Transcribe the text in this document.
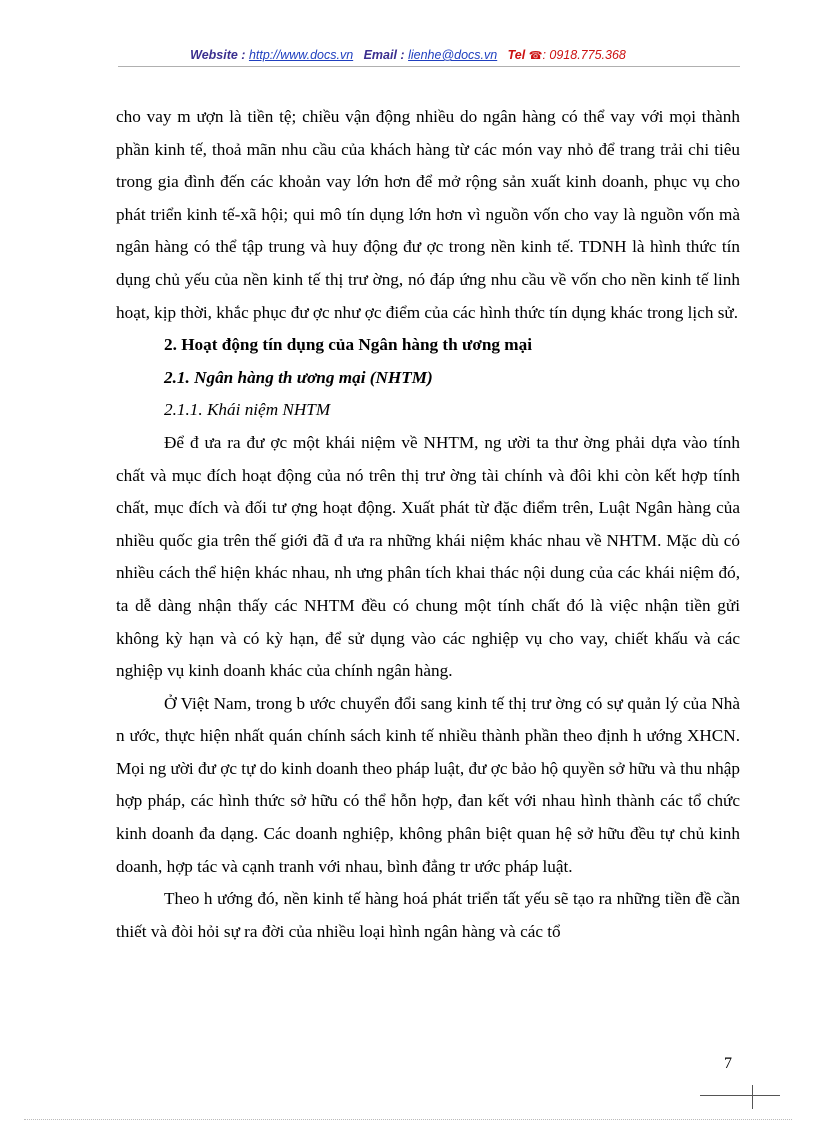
Website : http://www.docs.vn Email : lienhe@docs.vn Tel ☎: 0918.775.368

cho vay m ượn là tiền tệ; chiều vận động nhiều do ngân hàng có thể vay với mọi thành phần kinh tế, thoả mãn nhu cầu của khách hàng từ các món vay nhỏ để trang trải chi tiêu trong gia đình đến các khoản vay lớn hơn để mở rộng sản xuất kinh doanh, phục vụ cho phát triển kinh tế-xã hội; qui mô tín dụng lớn hơn vì nguồn vốn cho vay là nguồn vốn mà ngân hàng có thể tập trung và huy động đư ợc trong nền kinh tế. TDNH là hình thức tín dụng chủ yếu của nền kinh tế thị trư ờng, nó đáp ứng nhu cầu về vốn cho nền kinh tế linh hoạt, kịp thời, khắc phục đư ợc như ợc điểm của các hình thức tín dụng khác trong lịch sử.

2. Hoạt động tín dụng của Ngân hàng th ương mại

2.1. Ngân hàng th ương mại (NHTM)

2.1.1. Khái niệm NHTM

Để đ ưa ra đư ợc một khái niệm về NHTM, ng ười ta thư ờng phải dựa vào tính chất và mục đích hoạt động của nó trên thị trư ờng tài chính và đôi khi còn kết hợp tính chất, mục đích và đối tư ợng hoạt động. Xuất phát từ đặc điểm trên, Luật Ngân hàng của nhiều quốc gia trên thế giới đã đ ưa ra những khái niệm khác nhau về NHTM. Mặc dù có nhiều cách thể hiện khác nhau, nh ưng phân tích khai thác nội dung của các khái niệm đó, ta dễ dàng nhận thấy các NHTM đều có chung một tính chất đó là việc nhận tiền gửi không kỳ hạn và có kỳ hạn, để sử dụng vào các nghiệp vụ cho vay, chiết khấu và các nghiệp vụ kinh doanh khác của chính ngân hàng.

Ở Việt Nam, trong b ước chuyển đổi sang kinh tế thị trư ờng có sự quản lý của Nhà n ước, thực hiện nhất quán chính sách kinh tế nhiều thành phần theo định h ướng XHCN. Mọi ng ười đư ợc tự do kinh doanh theo pháp luật, đư ợc bảo hộ quyền sở hữu và thu nhập hợp pháp, các hình thức sở hữu có thể hỗn hợp, đan kết với nhau hình thành các tổ chức kinh doanh đa dạng. Các doanh nghiệp, không phân biệt quan hệ sở hữu đều tự chủ kinh doanh, hợp tác và cạnh tranh với nhau, bình đẳng tr ước pháp luật.

Theo h ướng đó, nền kinh tế hàng hoá phát triển tất yếu sẽ tạo ra những tiền đề cần thiết và đòi hỏi sự ra đời của nhiều loại hình ngân hàng và các tổ

7
